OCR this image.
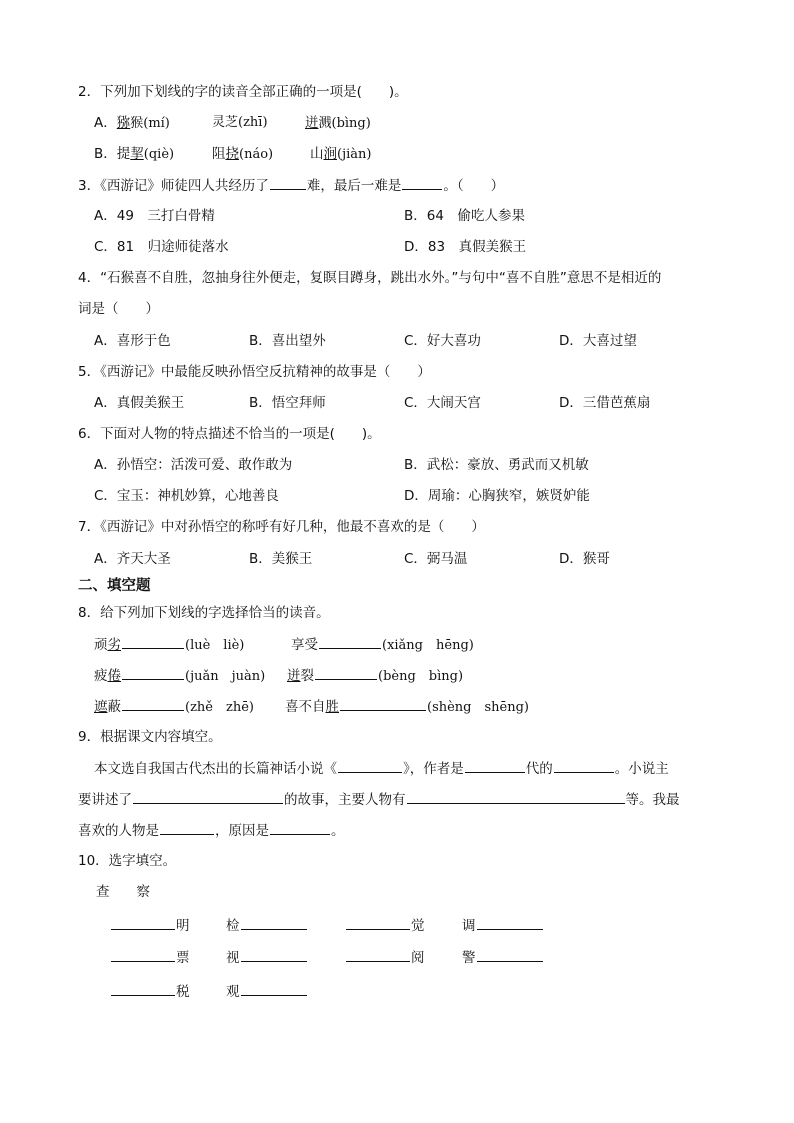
2．下列加下划线的字的读音全部正确的一项是(　　)。
A．猕猴(mí)	灵芝(zhī)	迸溅(bìng)
B．提挈(qiè)	阻挠(náo)	山涧(jiàn)
3．《西游记》师徒四人共经历了	难，最后一难是	。（　　）
A．49　三打白骨精	B．64　偷吃人参果
C．81　归途师徒落水	D．83　真假美猴王
4．“石猴喜不自胜，忽抽身往外便走，复瞑目蹲身，跳出水外。”与句中“喜不自胜”意思不是相近的
词是（　　）
A．喜形于色	B．喜出望外	C．好大喜功	D．大喜过望
5．《西游记》中最能反映孙悟空反抗精神的故事是（　　）
A．真假美猴王	B．悟空拜师	C．大闹天宫	D．三借芭蕉扇
6．下面对人物的特点描述不恰当的一项是(　　)。
A．孙悟空：活泼可爱、敢作敢为	B．武松：豪放、勇武而又机敏
C．宝玉：神机妙算，心地善良	D．周瑜：心胸狭窄，嫉贤妒能
7．《西游记》中对孙悟空的称呼有好几种，他最不喜欢的是（　　）
A．齐天大圣	B．美猴王	C．弼马温	D．猴哥
二、填空题
8．给下列加下划线的字选择恰当的读音。
顽劣	(luè　liè)	享受	(xiǎng　hēng)
疲倦	(juǎn　juàn) 迸裂	(bèng　bìng)
遮蔽	(zhě　zhē) 喜不自胜	(shèng　shēng)
9．根据课文内容填空。
本文选自我国古代杰出的长篇神话小说《	》，作者是	代的	。小说主
要讲述了	的故事，主要人物有	等。我最
喜欢的人物是	，原因是	。
10．选字填空。
查　　察
明	检	觉	调
票	视	阅	警
税	观
